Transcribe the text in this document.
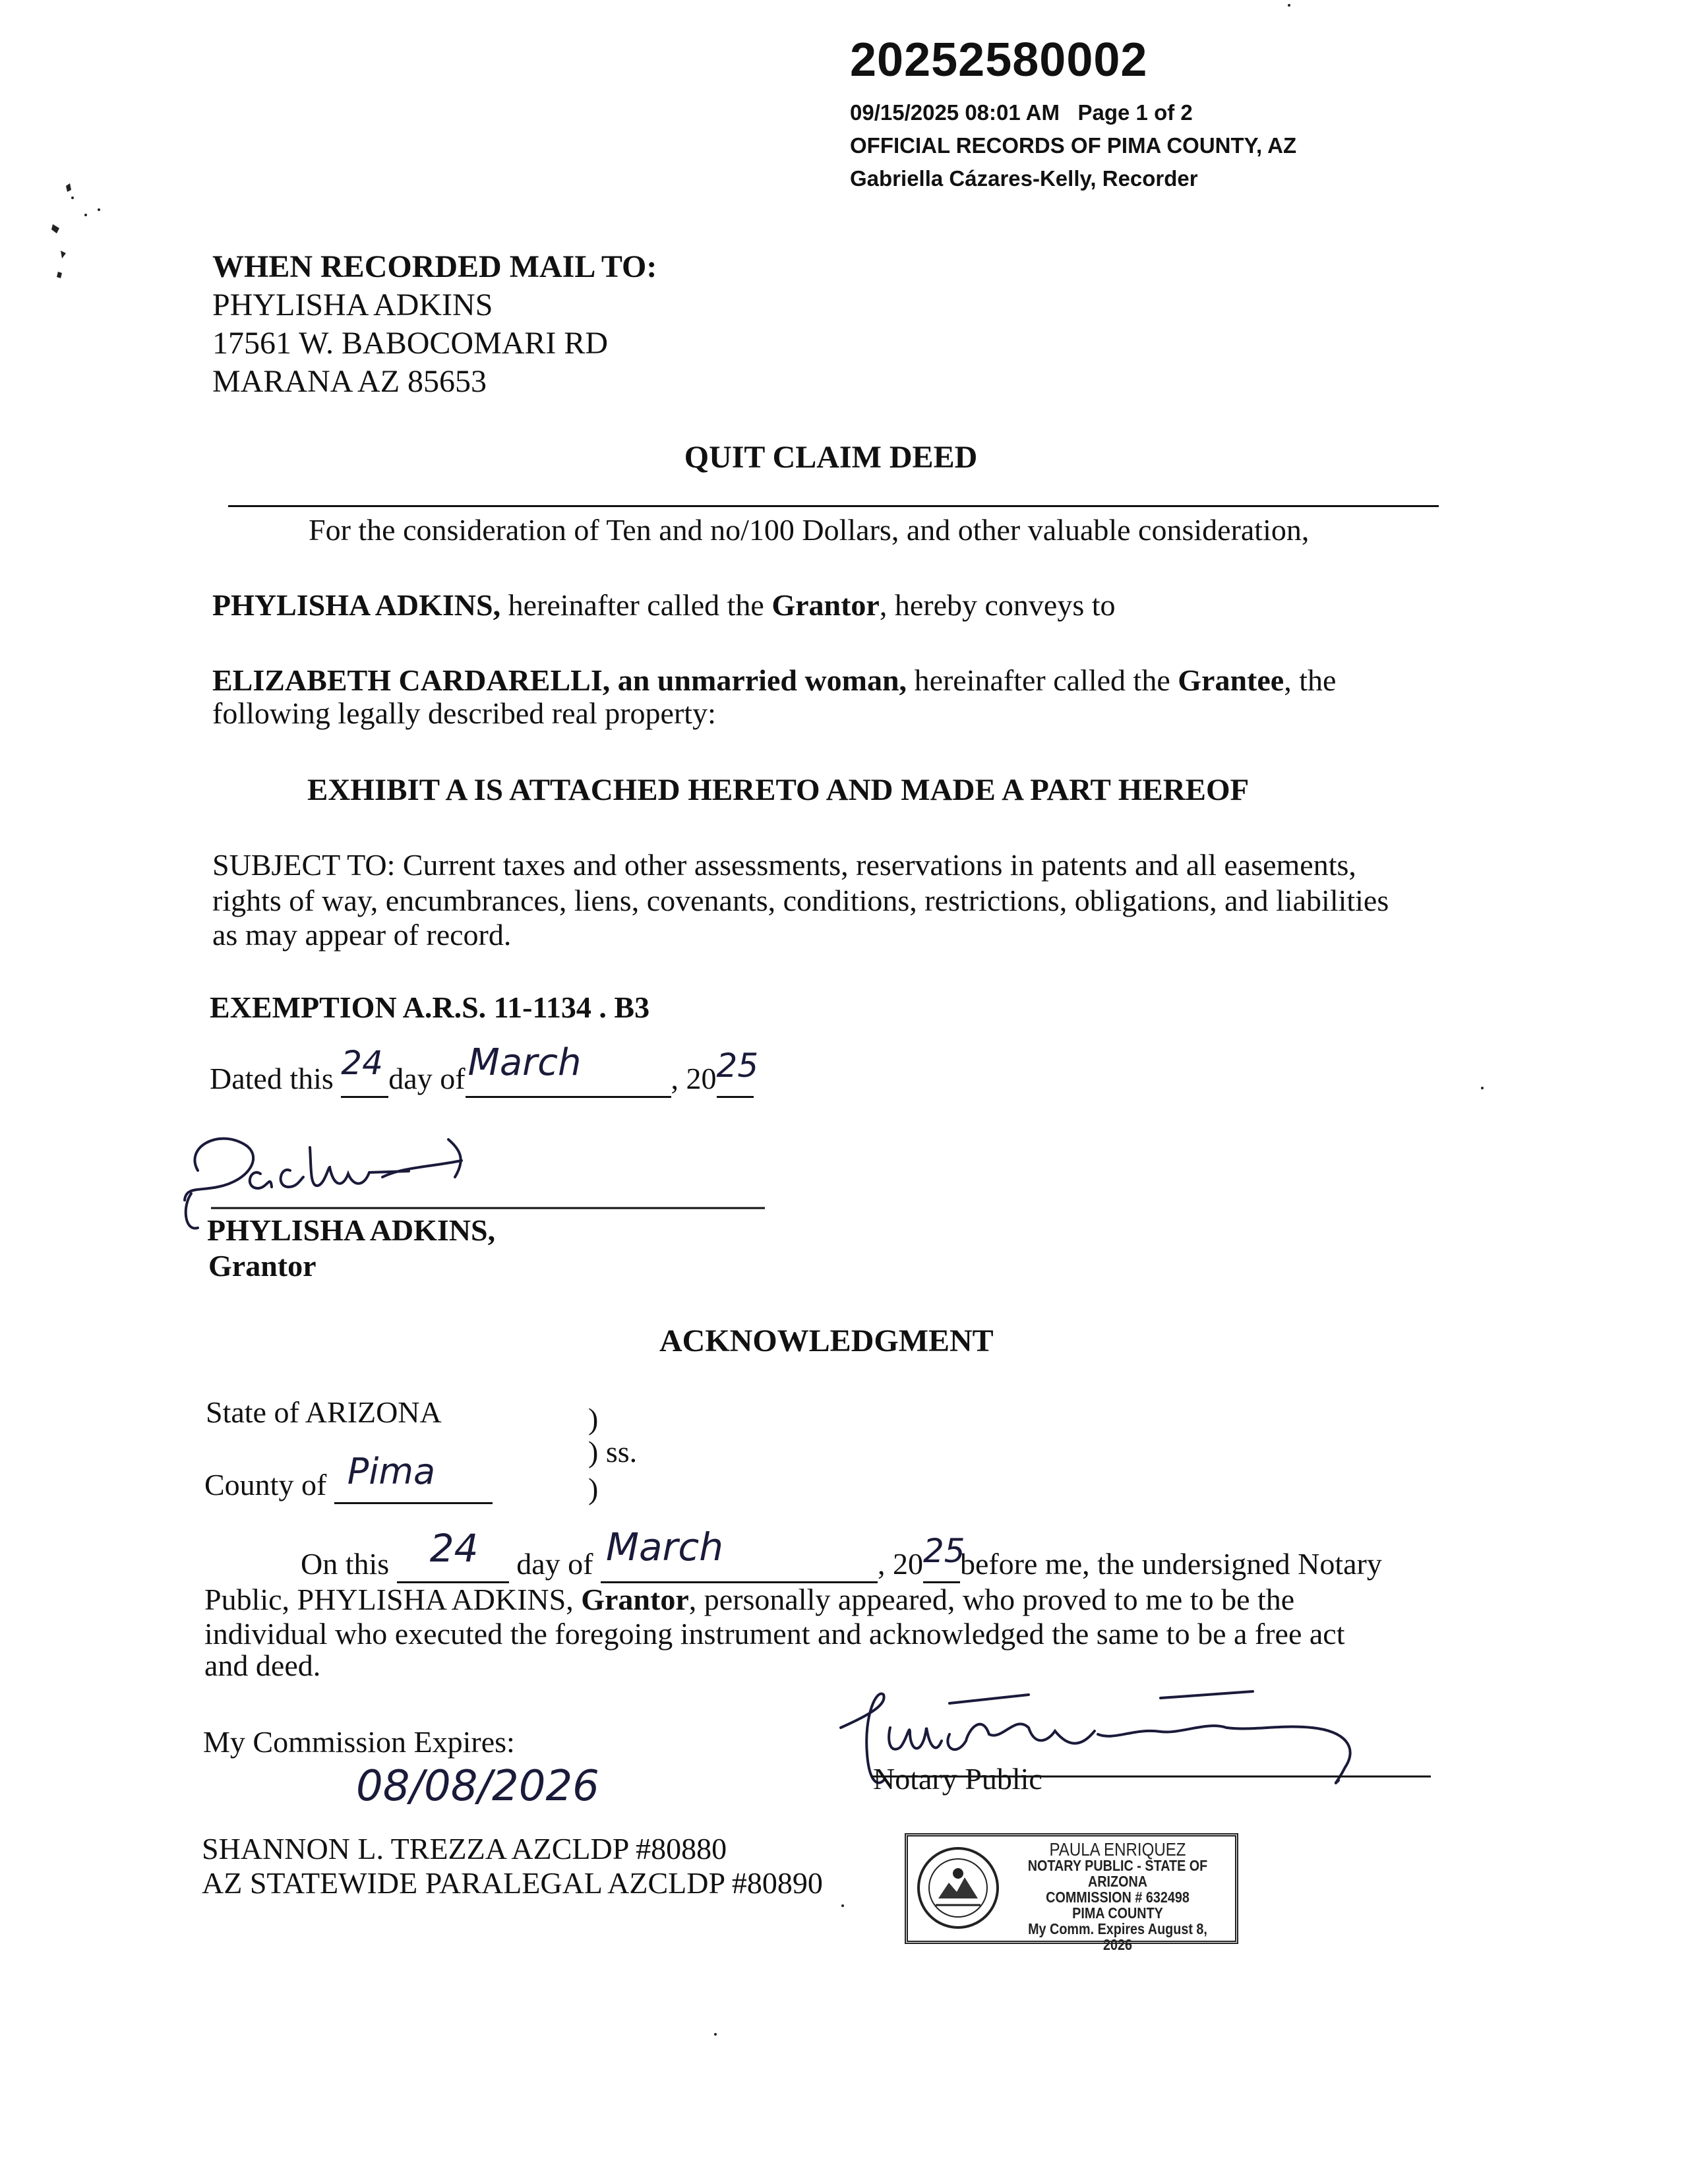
20252580002
09/15/2025 08:01 AM Page 1 of 2
OFFICIAL RECORDS OF PIMA COUNTY, AZ
Gabriella Cázares-Kelly, Recorder
WHEN RECORDED MAIL TO:
PHYLISHA ADKINS
17561 W. BABOCOMARI RD
MARANA AZ 85653
QUIT CLAIM DEED
For the consideration of Ten and no/100 Dollars, and other valuable consideration,
PHYLISHA ADKINS, hereinafter called the Grantor, hereby conveys to
ELIZABETH CARDARELLI, an unmarried woman, hereinafter called the Grantee, the
following legally described real property:
EXHIBIT A IS ATTACHED HERETO AND MADE A PART HEREOF
SUBJECT TO: Current taxes and other assessments, reservations in patents and all easements,
rights of way, encumbrances, liens, covenants, conditions, restrictions, obligations, and liabilities
as may appear of record.
EXEMPTION A.R.S. 11-1134 . B3
Dated this 24 day of March	, 20 25

PHYLISHA ADKINS,
Grantor
ACKNOWLEDGMENT
State of ARIZONA	)
) ss.
)
County of Pima

On this 24 day of March	, 20 25
before me, the undersigned Notary
Public, PHYLISHA ADKINS, Grantor, personally appeared, who proved to me to be the
individual who executed the foregoing instrument and acknowledged the same to be a free act
and deed.
My Commission Expires:
08/08/2026	Notary Public
SHANNON L. TREZZA AZCLDP #80880
AZ STATEWIDE PARALEGAL AZCLDP #80890
PAULA ENRIQUEZ
NOTARY PUBLIC - STATE OF ARIZONA
COMMISSION # 632498
PIMA COUNTY
My Comm. Expires August 8, 2026
